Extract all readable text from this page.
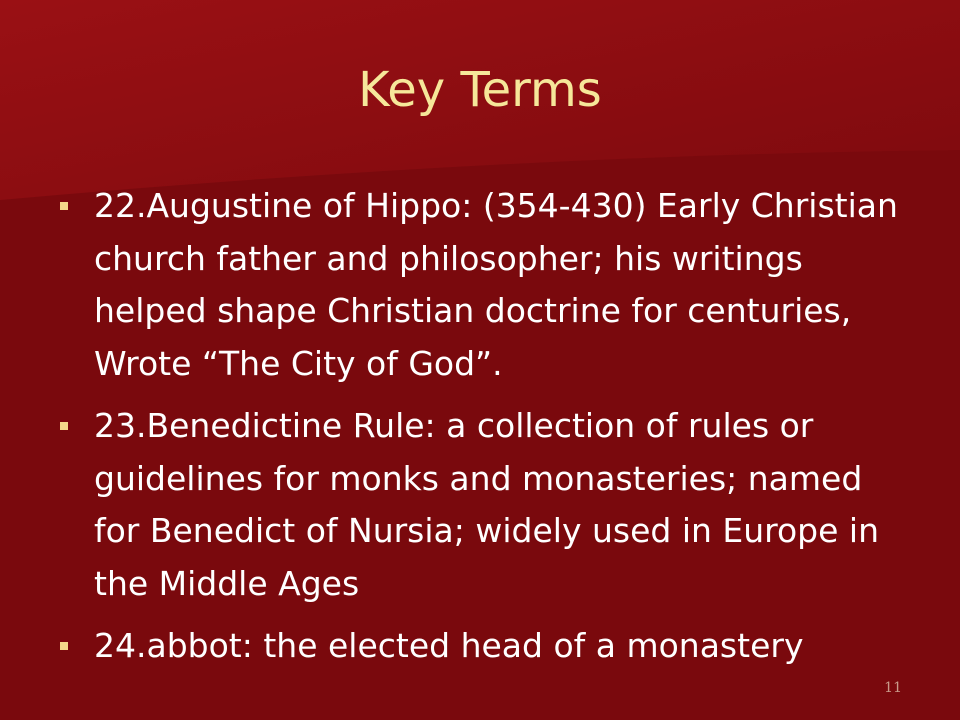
Key Terms
22.Augustine of Hippo: (354-430) Early Christian church father and philosopher; his writings helped shape Christian doctrine for centuries, Wrote “The City of God”.
23.Benedictine Rule: a collection of rules or guidelines for monks and monasteries; named for Benedict of Nursia; widely used in Europe in the Middle Ages
24.abbot: the elected head of a monastery
11
